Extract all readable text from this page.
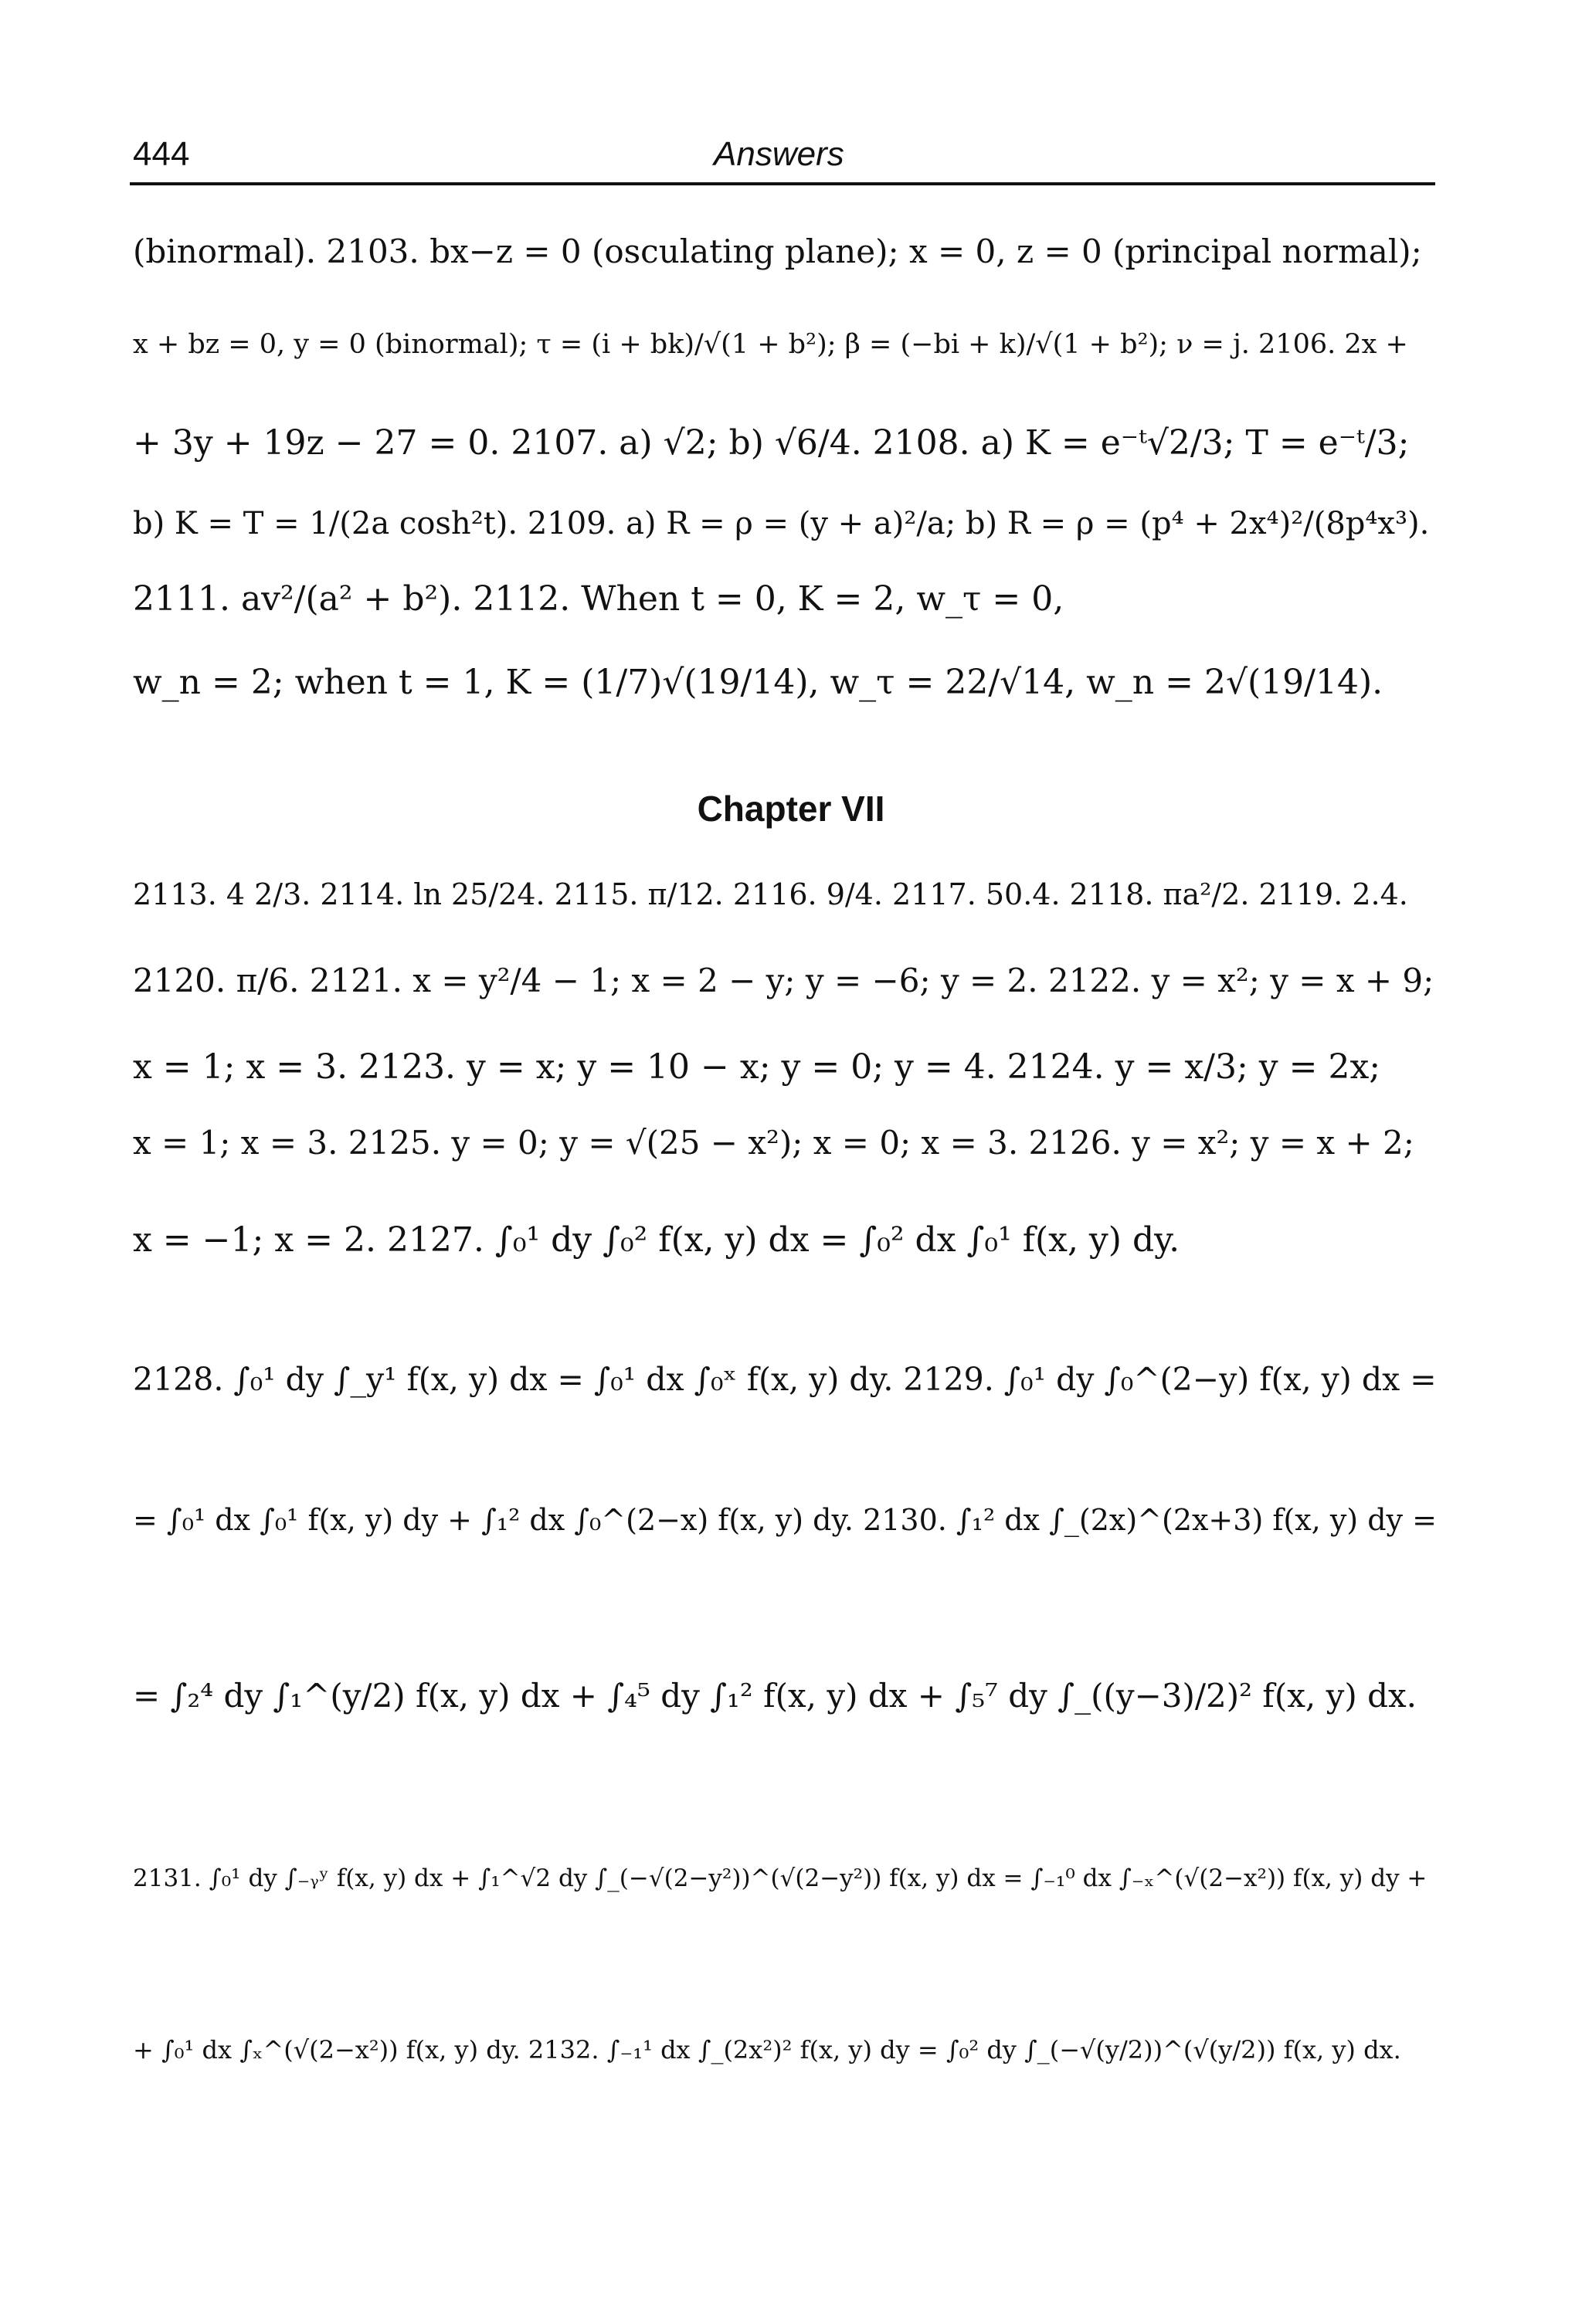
444	Answers
(binormal). 2103. bx−z = 0 (osculating plane); x = 0, z = 0 (principal normal);
x + bz = 0, y = 0 (binormal); τ = (i + bk)/√(1 + b²); β = (−bi + k)/√(1 + b²); ν = j. 2106. 2x +
+ 3y + 19z − 27 = 0. 2107. a) √2; b) √6/4. 2108. a) K = e⁻ᵗ√2/3; T = e⁻ᵗ/3;
b) K = T = 1/(2a cosh²t). 2109. a) R = ρ = (y + a)²/a; b) R = ρ = (p⁴ + 2x⁴)²/(8p⁴x³).
2111. av²/(a² + b²). 2112. When t = 0, K = 2, w_τ = 0,
w_n = 2; when t = 1, K = (1/7)√(19/14), w_τ = 22/√14, w_n = 2√(19/14).
Chapter VII
2113. 4 2/3. 2114. ln 25/24. 2115. π/12. 2116. 9/4. 2117. 50.4. 2118. πa²/2. 2119. 2.4.
2120. π/6. 2121. x = y²/4 − 1; x = 2 − y; y = −6; y = 2. 2122. y = x²; y = x + 9;
x = 1; x = 3. 2123. y = x; y = 10 − x; y = 0; y = 4. 2124. y = x/3; y = 2x;
x = 1; x = 3. 2125. y = 0; y = √(25 − x²); x = 0; x = 3. 2126. y = x²; y = x + 2;
x = −1; x = 2. 2127. ∫₀¹ dy ∫₀² f(x, y) dx = ∫₀² dx ∫₀¹ f(x, y) dy.
2128. ∫₀¹ dy ∫_y¹ f(x, y) dx = ∫₀¹ dx ∫₀ˣ f(x, y) dy. 2129. ∫₀¹ dy ∫₀^(2−y) f(x, y) dx =
= ∫₀¹ dx ∫₀¹ f(x, y) dy + ∫₁² dx ∫₀^(2−x) f(x, y) dy. 2130. ∫₁² dx ∫_(2x)^(2x+3) f(x, y) dy =
= ∫₂⁴ dy ∫₁^(y/2) f(x, y) dx + ∫₄⁵ dy ∫₁² f(x, y) dx + ∫₅⁷ dy ∫_((y−3)/2)² f(x, y) dx.
2131. ∫₀¹ dy ∫₋ᵧʸ f(x, y) dx + ∫₁^√2 dy ∫_(−√(2−y²))^(√(2−y²)) f(x, y) dx = ∫₋₁⁰ dx ∫₋ₓ^(√(2−x²)) f(x, y) dy +
+ ∫₀¹ dx ∫ₓ^(√(2−x²)) f(x, y) dy. 2132. ∫₋₁¹ dx ∫_(2x²)² f(x, y) dy = ∫₀² dy ∫_(−√(y/2))^(√(y/2)) f(x, y) dx.
